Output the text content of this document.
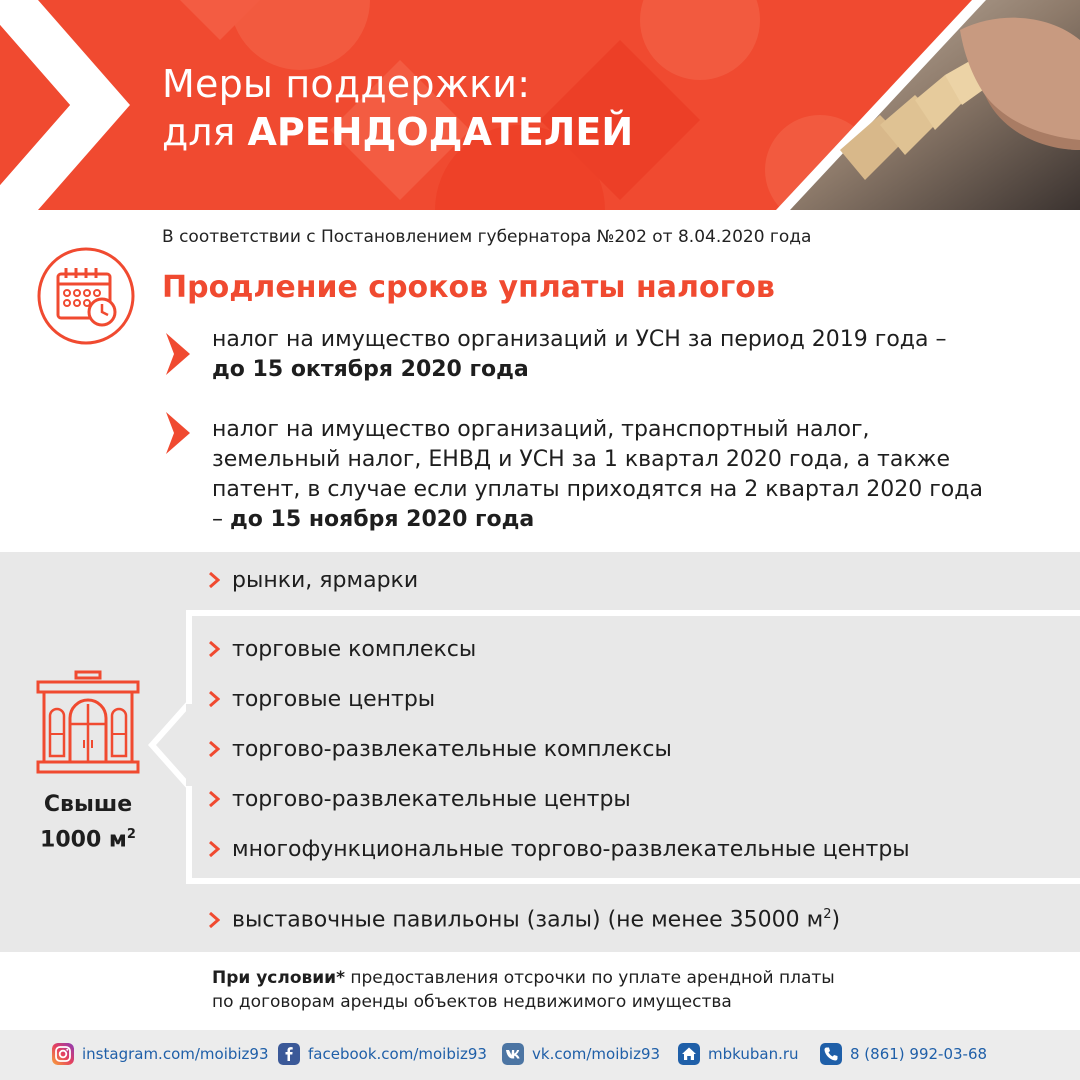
Меры поддержки:
для АРЕНДОДАТЕЛЕЙ
В соответствии с Постановлением губернатора №202 от 8.04.2020 года
Продление сроков уплаты налогов
налог на имущество организаций и УСН за период 2019 года –
до 15 октября 2020 года
налог на имущество организаций, транспортный налог,
земельный налог, ЕНВД и УСН за 1 квартал 2020 года, а также
патент, в случае если уплаты приходятся на 2 квартал 2020 года
– до 15 ноября 2020 года
Свыше
1000 $м^2$
рынки, ярмарки
торговые комплексы
торговые центры
торгово-развлекательные комплексы
торгово-развлекательные центры
многофункциональные торгово-развлекательные центры
выставочные павильоны (залы) (не менее 35000 $м^2$)
При условии* предоставления отсрочки по уплате арендной платы
по договорам аренды объектов недвижимого имущества
instagram.com/moibiz93	facebook.com/moibiz93	vk.com/moibiz93	mbkuban.ru	8 (861) 992-03-68
